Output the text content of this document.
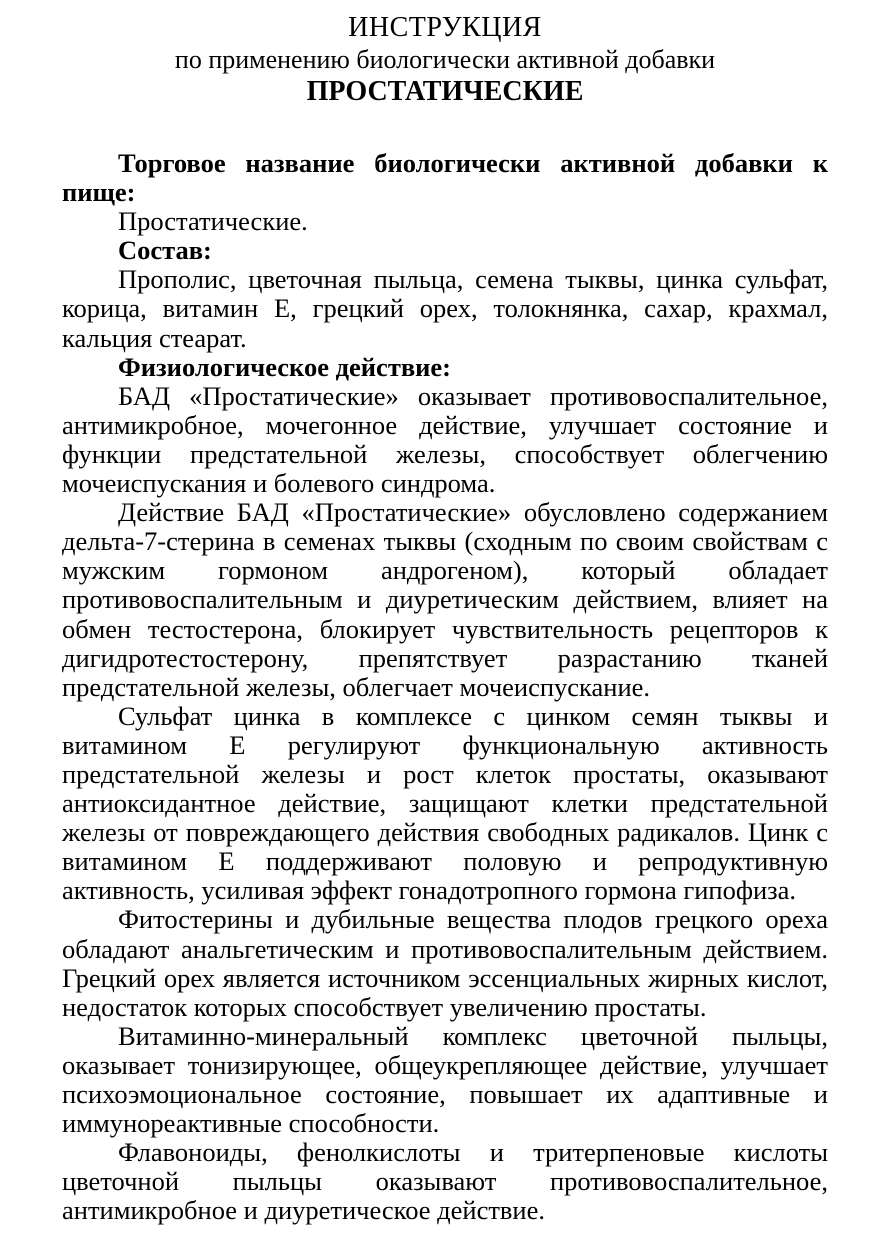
ИНСТРУКЦИЯ
по применению биологически активной добавки
ПРОСТАТИЧЕСКИЕ

Торговое название биологически активной добавки к пище:

Простатические.

Состав:

Прополис, цветочная пыльца, семена тыквы, цинка сульфат, корица, витамин Е, грецкий орех, толокнянка, сахар, крахмал, кальция стеарат.

Физиологическое действие:

БАД «Простатические» оказывает противовоспалительное, антимикробное, мочегонное действие, улучшает состояние и функции предстательной железы, способствует облегчению мочеиспускания и болевого синдрома.

Действие БАД «Простатические» обусловлено содержанием дельта-7-стерина в семенах тыквы (сходным по своим свойствам с мужским гормоном андрогеном), который обладает противовоспалительным и диуретическим действием, влияет на обмен тестостерона, блокирует чувствительность рецепторов к дигидротестостерону, препятствует разрастанию тканей предстательной железы, облегчает мочеиспускание.

Сульфат цинка в комплексе с цинком семян тыквы и витамином Е регулируют функциональную активность предстательной железы и рост клеток простаты, оказывают антиоксидантное действие, защищают клетки предстательной железы от повреждающего действия свободных радикалов. Цинк с витамином Е поддерживают половую и репродуктивную активность, усиливая эффект гонадотропного гормона гипофиза.

Фитостерины и дубильные вещества плодов грецкого ореха обладают анальгетическим и противовоспалительным действием. Грецкий орех является источником эссенциальных жирных кислот, недостаток которых способствует увеличению простаты.

Витаминно-минеральный комплекс цветочной пыльцы, оказывает тонизирующее, общеукрепляющее действие, улучшает психоэмоциональное состояние, повышает их адаптивные и иммунореактивные способности.

Флавоноиды, фенолкислоты и тритерпеновые кислоты цветочной пыльцы оказывают противовоспалительное, антимикробное и диуретическое действие.
